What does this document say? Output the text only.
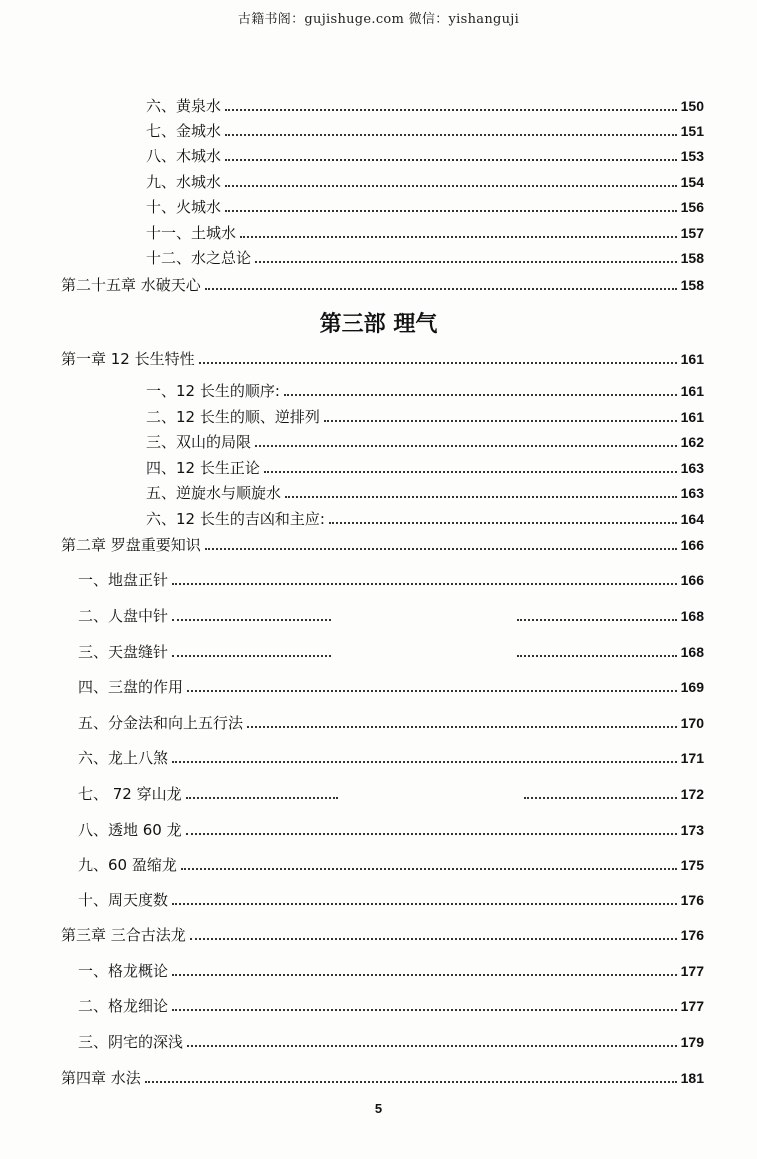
古籍书阁：gujishuge.com 微信：yishanguji
六、黄泉水	150
七、金城水	151
八、木城水	153
九、水城水	154
十、火城水	156
十一、土城水	157
十二、水之总论	158
第二十五章 水破天心	158
第三部 理气
第一章 12 长生特性	161
一、12 长生的顺序:	161
二、12 长生的顺、逆排列	161
三、双山的局限	162
四、12 长生正论	163
五、逆旋水与顺旋水	163
六、12 长生的吉凶和主应:	164
第二章 罗盘重要知识	166
一、地盘正针	166
二、人盘中针	168
三、天盘缝针	168
四、三盘的作用	169
五、分金法和向上五行法	170
六、龙上八煞	171
七、 72 穿山龙	172
八、透地 60 龙	173
九、60 盈缩龙	175
十、周天度数	176
第三章 三合古法龙	176
一、格龙概论	177
二、格龙细论	177
三、阴宅的深浅	179
第四章 水法	181
5
